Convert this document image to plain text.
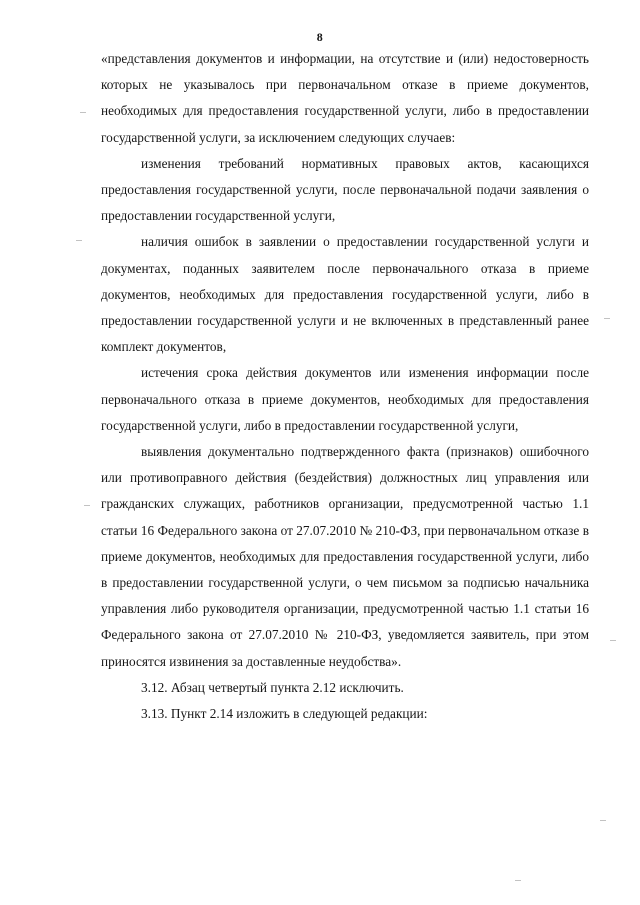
8

«представления документов и информации, на отсутствие и (или) недостоверность которых не указывалось при первоначальном отказе в приеме документов, необходимых для предоставления государственной услуги, либо в предоставлении государственной услуги, за исключением следующих случаев:

изменения требований нормативных правовых актов, касающихся предоставления государственной услуги, после первоначальной подачи заявления о предоставлении государственной услуги,

наличия ошибок в заявлении о предоставлении государственной услуги и документах, поданных заявителем после первоначального отказа в приеме документов, необходимых для предоставления государственной услуги, либо в предоставлении государственной услуги и не включенных в представленный ранее комплект документов,

истечения срока действия документов или изменения информации после первоначального отказа в приеме документов, необходимых для предоставления государственной услуги, либо в предоставлении государственной услуги,

выявления документально подтвержденного факта (признаков) ошибочного или противоправного действия (бездействия) должностных лиц управления или гражданских служащих, работников организации, предусмотренной частью 1.1 статьи 16 Федерального закона от 27.07.2010 № 210-ФЗ, при первоначальном отказе в приеме документов, необходимых для предоставления государственной услуги, либо в предоставлении государственной услуги, о чем письмом за подписью начальника управления либо руководителя организации, предусмотренной частью 1.1 статьи 16 Федерального закона от 27.07.2010 № 210-ФЗ, уведомляется заявитель, при этом приносятся извинения за доставленные неудобства».

3.12. Абзац четвертый пункта 2.12 исключить.

3.13. Пункт 2.14 изложить в следующей редакции:
